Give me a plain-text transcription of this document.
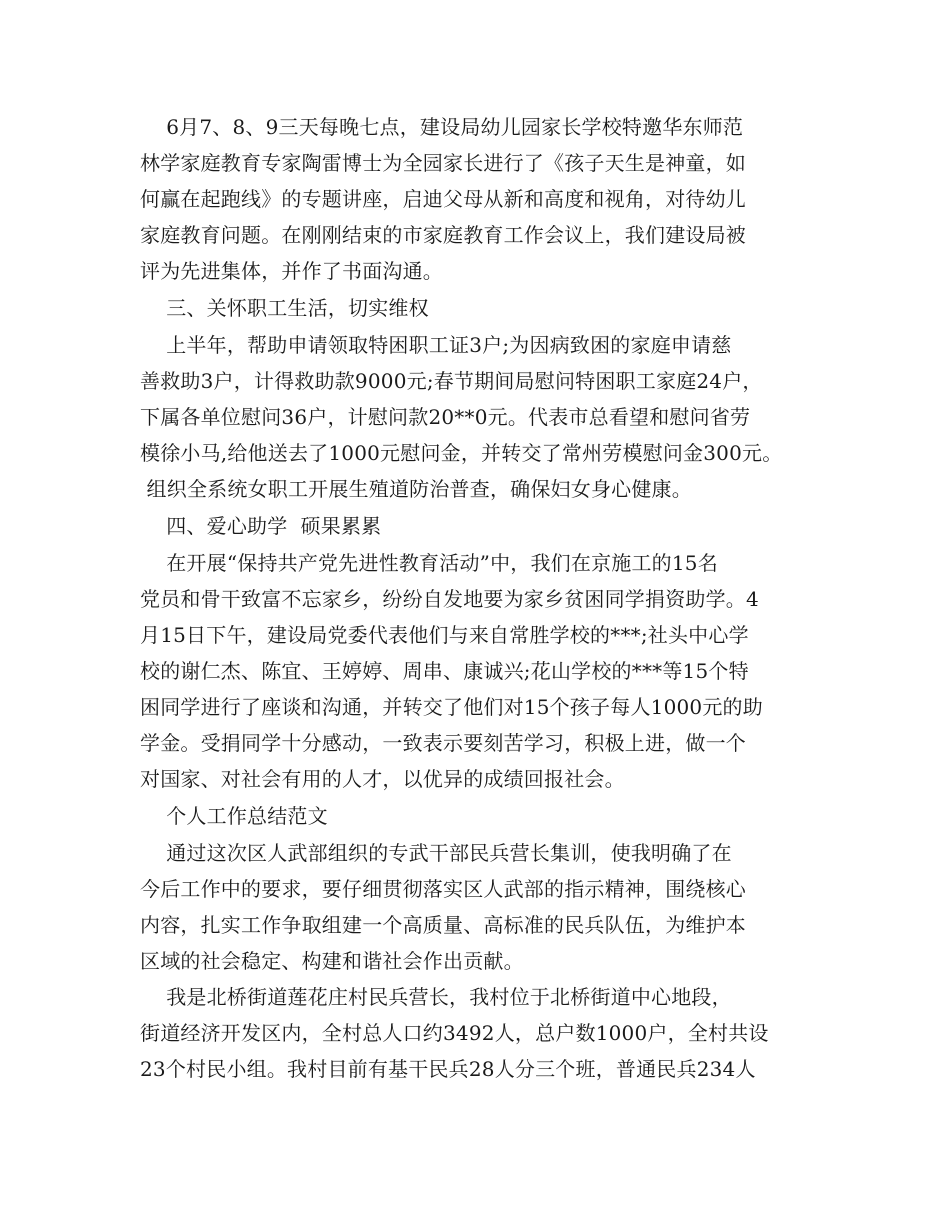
6月7、8、9三天每晚七点，建设局幼儿园家长学校特邀华东师范
林学家庭教育专家陶雷博士为全园家长进行了《孩子天生是神童，如
何赢在起跑线》的专题讲座，启迪父母从新和高度和视角，对待幼儿
家庭教育问题。在刚刚结束的市家庭教育工作会议上，我们建设局被
评为先进集体，并作了书面沟通。
三、关怀职工生活，切实维权
上半年，帮助申请领取特困职工证3户;为因病致困的家庭申请慈
善救助3户，计得救助款9000元;春节期间局慰问特困职工家庭24户，
下属各单位慰问36户，计慰问款20**0元。代表市总看望和慰问省劳
模徐小马,给他送去了1000元慰问金，并转交了常州劳模慰问金300元。
组织全系统女职工开展生殖道防治普查，确保妇女身心健康。
四、爱心助学  硕果累累
在开展“保持共产党先进性教育活动”中，我们在京施工的15名
党员和骨干致富不忘家乡，纷纷自发地要为家乡贫困同学捐资助学。4
月15日下午，建设局党委代表他们与来自常胜学校的***;社头中心学
校的谢仁杰、陈宜、王婷婷、周串、康诚兴;花山学校的***等15个特
困同学进行了座谈和沟通，并转交了他们对15个孩子每人1000元的助
学金。受捐同学十分感动，一致表示要刻苦学习，积极上进，做一个
对国家、对社会有用的人才，以优异的成绩回报社会。
个人工作总结范文
通过这次区人武部组织的专武干部民兵营长集训，使我明确了在
今后工作中的要求，要仔细贯彻落实区人武部的指示精神，围绕核心
内容，扎实工作争取组建一个高质量、高标准的民兵队伍，为维护本
区域的社会稳定、构建和谐社会作出贡献。
我是北桥街道莲花庄村民兵营长，我村位于北桥街道中心地段，
街道经济开发区内，全村总人口约3492人，总户数1000户，全村共设
23个村民小组。我村目前有基干民兵28人分三个班，普通民兵234人
